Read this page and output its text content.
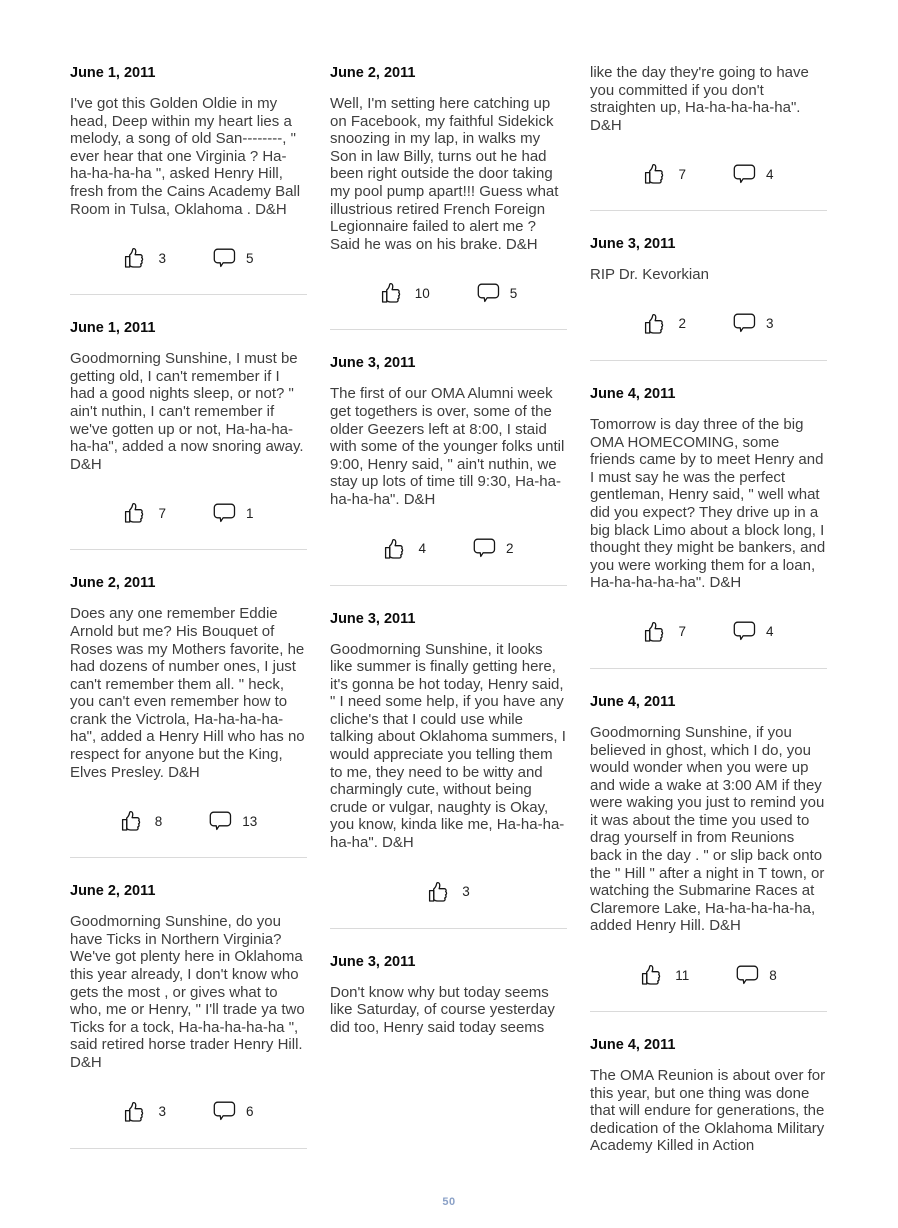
June 1, 2011

I've got this Golden Oldie in my head, Deep within my heart lies a melody, a song of old San--------, " ever hear that one Virginia ? Ha-ha-ha-ha-ha ", asked Henry Hill, fresh from the Cains Academy Ball Room in Tulsa, Oklahoma . D&H

3	5
June 1, 2011

Goodmorning Sunshine, I must be getting old, I can't remember if I had a good nights sleep, or not? " ain't nuthin, I can't remember if we've gotten up or not, Ha-ha-ha-ha-ha", added a now snoring away. D&H

7	1
June 2, 2011

Does any one remember Eddie Arnold but me? His Bouquet of Roses was my Mothers favorite, he had dozens of number ones, I just can't remember them all. " heck, you can't even remember how to crank the Victrola, Ha-ha-ha-ha-ha", added a Henry Hill who has no respect for anyone but the King, Elves Presley. D&H

8	13
June 2, 2011

Goodmorning Sunshine, do you have Ticks in Northern Virginia? We've got plenty here in Oklahoma this year already, I don't know who gets the most , or gives what to who, me or Henry, " I'll trade ya two Ticks for a tock, Ha-ha-ha-ha-ha ", said retired horse trader Henry Hill. D&H

3	6
June 2, 2011

Well, I'm setting here catching up on Facebook, my faithful Sidekick snoozing in my lap, in walks my Son in law Billy, turns out he had been right outside the door taking my pool pump apart!!! Guess what illustrious retired French Foreign Legionnaire failed to alert me ? Said he was on his brake. D&H

10	5
June 3, 2011

The first of our OMA Alumni week get togethers is over, some of the older Geezers left at 8:00, I staid with some of the younger folks until 9:00, Henry said, " ain't nuthin, we stay up lots of time till 9:30, Ha-ha-ha-ha-ha". D&H

4	2
June 3, 2011

Goodmorning Sunshine, it looks like summer is finally getting here, it's gonna be hot today, Henry said, " I need some help, if you have any cliche's that I could use while talking about Oklahoma summers, I would appreciate you telling them to me, they need to be witty and charmingly cute, without being crude or vulgar, naughty is Okay, you know, kinda like me, Ha-ha-ha-ha-ha". D&H

3
June 3, 2011

Don't know why but today seems like Saturday, of course yesterday did too, Henry said today seems

like the day they're going to have you committed if you don't straighten up, Ha-ha-ha-ha-ha". D&H

7	4
June 3, 2011

RIP Dr. Kevorkian

2	3
June 4, 2011

Tomorrow is day three of the big OMA HOMECOMING, some friends came by to meet Henry and I must say he was the perfect gentleman, Henry said, " well what did you expect? They drive up in a big black Limo about a block long, I thought they might be bankers, and you were working them for a loan, Ha-ha-ha-ha-ha". D&H

7	4
June 4, 2011

Goodmorning Sunshine, if you believed in ghost, which I do, you would wonder when you were up and wide a wake at 3:00 AM if they were waking you just to remind you it was about the time you used to drag yourself in from Reunions back in the day . " or slip back onto the " Hill " after a night in T town, or watching the Submarine Races at Claremore Lake, Ha-ha-ha-ha-ha, added Henry Hill. D&H

11	8
June 4, 2011

The OMA Reunion is about over for this year, but one thing was done that will endure for generations, the dedication of the Oklahoma Military Academy Killed in Action

50
